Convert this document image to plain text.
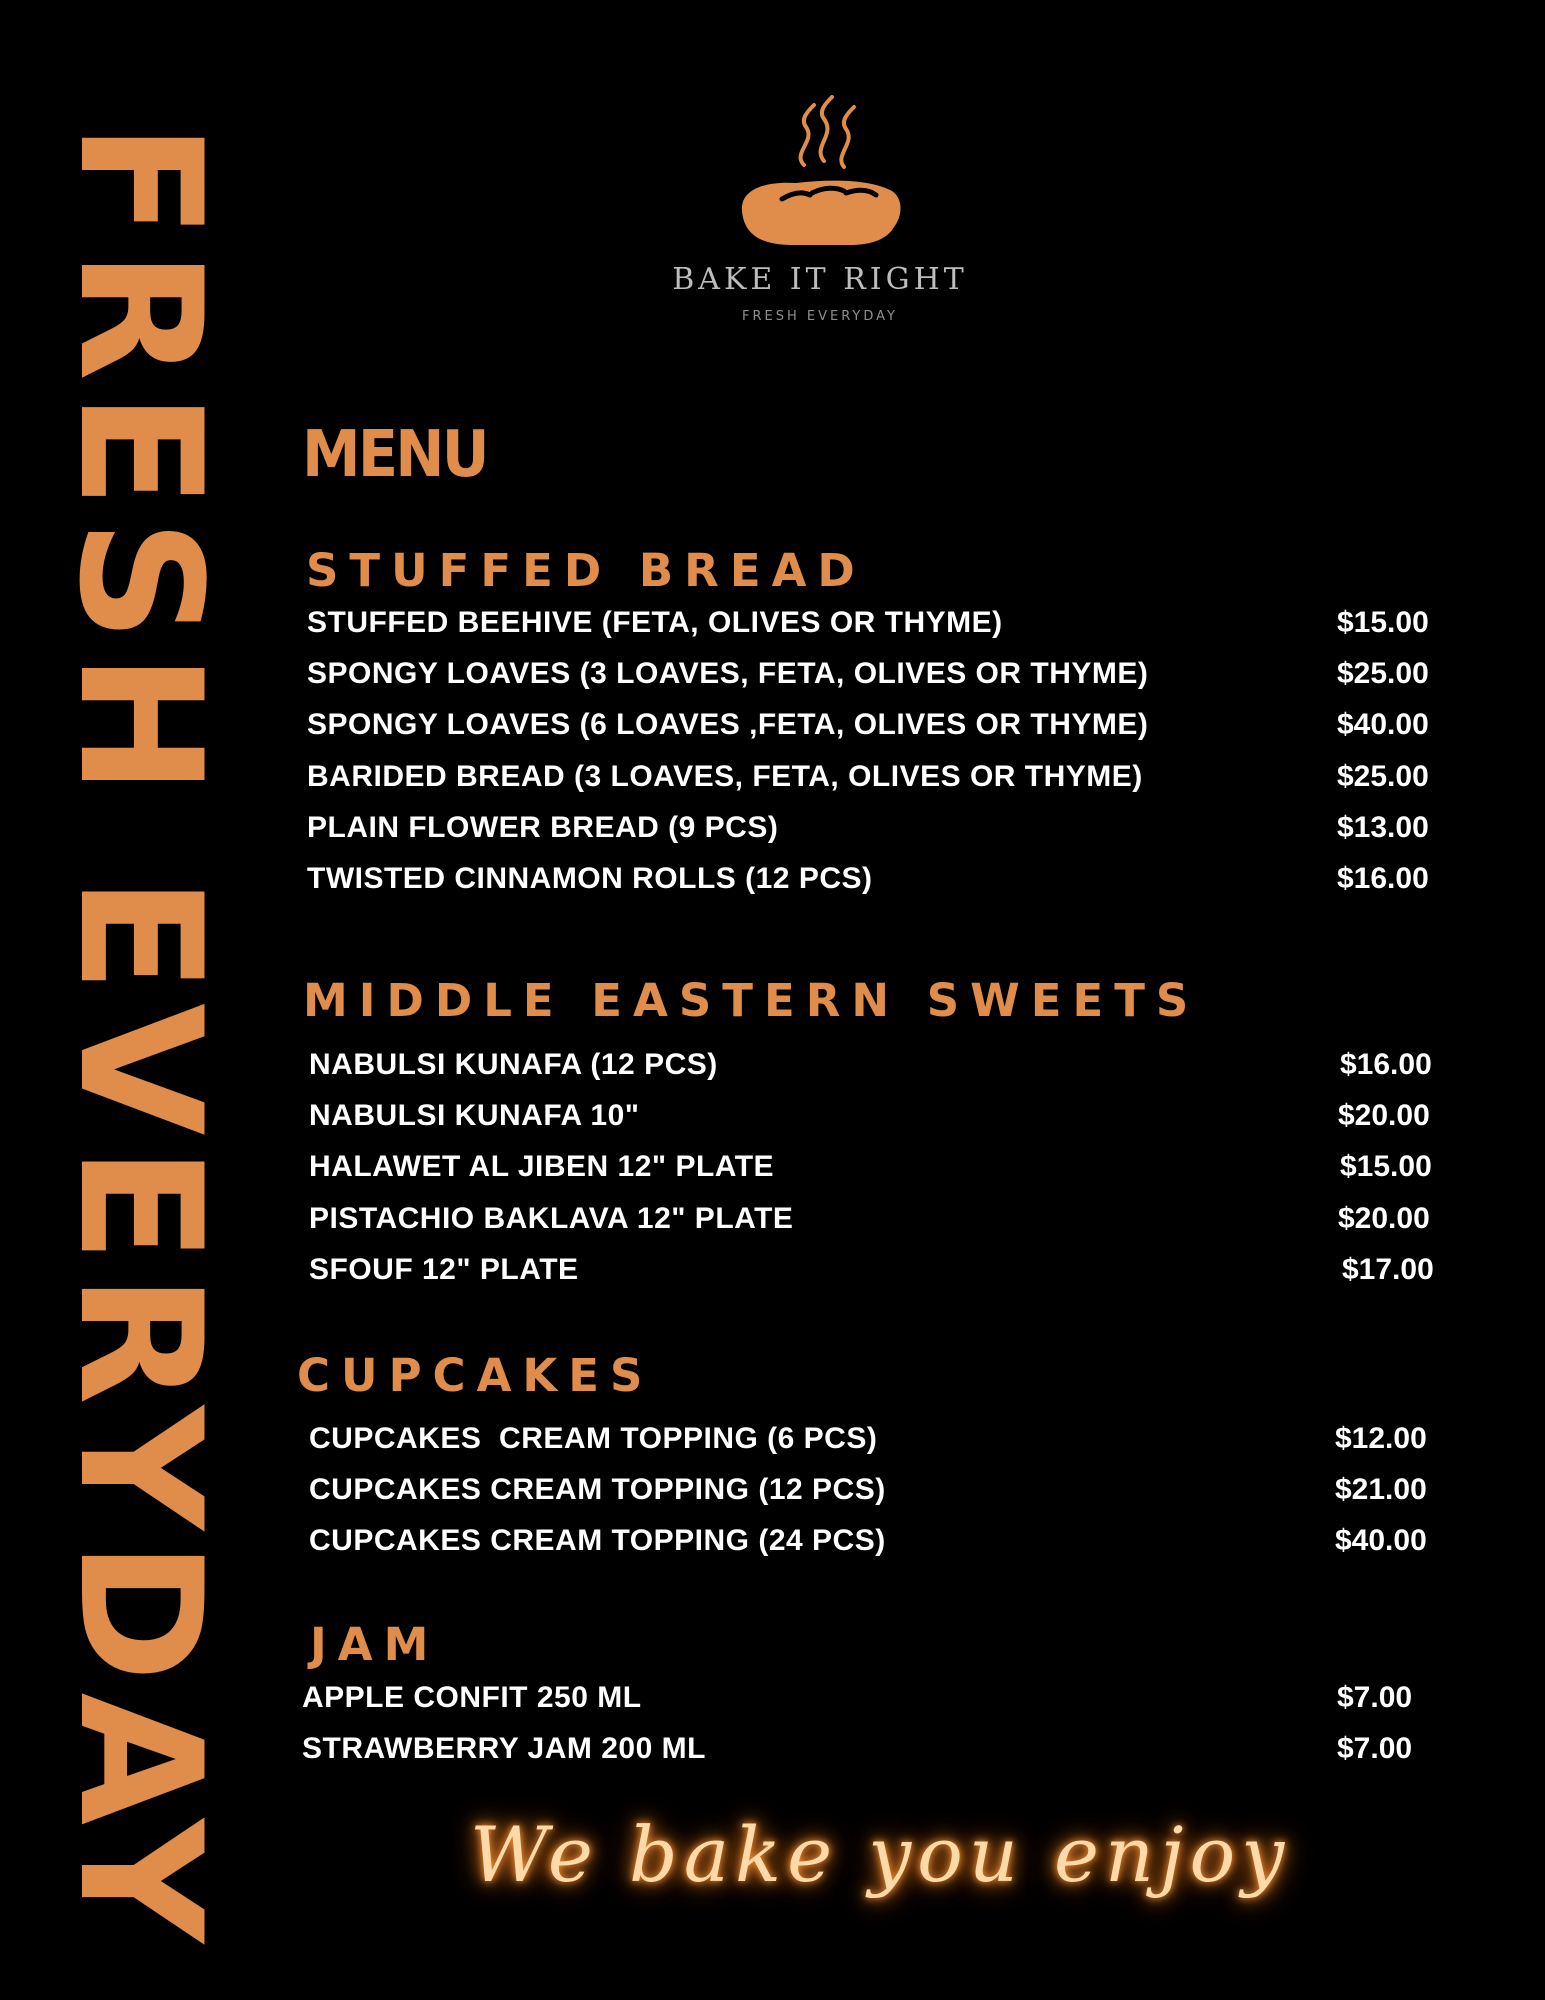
FRESH EVERYDAY	BAKE IT RIGHT
FRESH EVERYDAY
MENU
STUFFED BREAD
STUFFED BEEHIVE (FETA, OLIVES OR THYME)	$15.00
SPONGY LOAVES (3 LOAVES, FETA, OLIVES OR THYME)	$25.00
SPONGY LOAVES (6 LOAVES ,FETA, OLIVES OR THYME)	$40.00
BARIDED BREAD (3 LOAVES, FETA, OLIVES OR THYME)	$25.00
PLAIN FLOWER BREAD (9 PCS)	$13.00
TWISTED CINNAMON ROLLS (12 PCS)	$16.00
MIDDLE EASTERN SWEETS
NABULSI KUNAFA (12 PCS)	$16.00
NABULSI KUNAFA 10"	$20.00
HALAWET AL JIBEN 12" PLATE	$15.00
PISTACHIO BAKLAVA 12" PLATE	$20.00
SFOUF 12" PLATE	$17.00
CUPCAKES
CUPCAKES  CREAM TOPPING (6 PCS)	$12.00
CUPCAKES CREAM TOPPING (12 PCS)	$21.00
CUPCAKES CREAM TOPPING (24 PCS)	$40.00
JAM
APPLE CONFIT 250 ML	$7.00
STRAWBERRY JAM 200 ML	$7.00
We bake you enjoy
